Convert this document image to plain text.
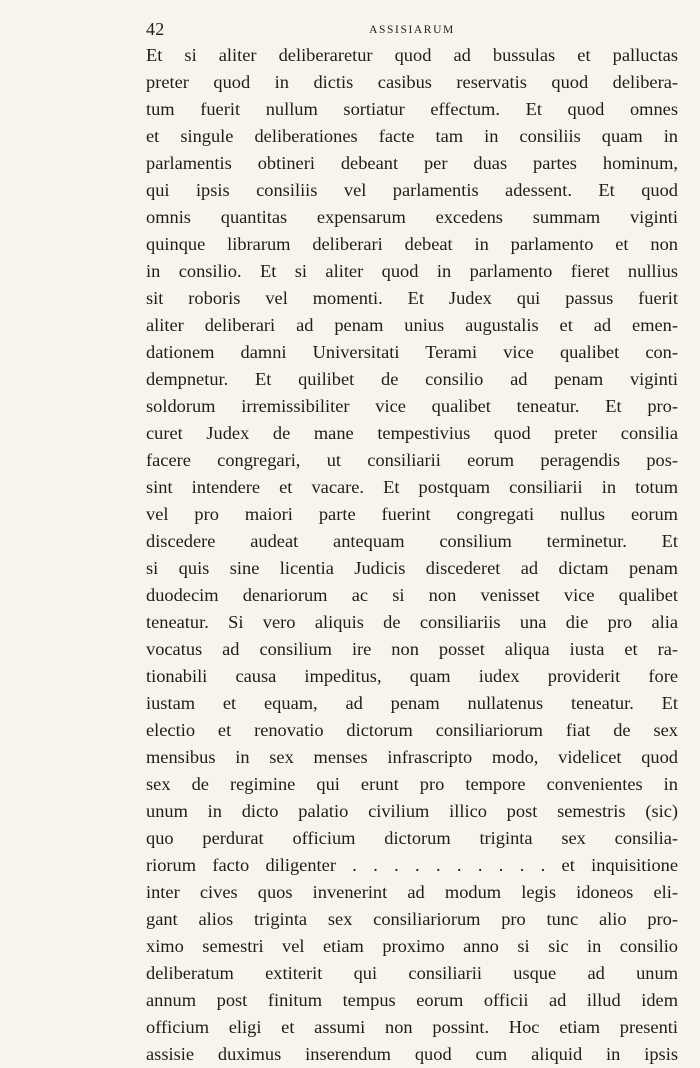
42	ASSISIARUM
Et si aliter deliberaretur quod ad bussulas et palluctas
preter quod in dictis casibus reservatis quod delibera-
tum fuerit nullum sortiatur effectum. Et quod omnes
et singule deliberationes facte tam in consiliis quam in
parlamentis obtineri debeant per duas partes hominum,
qui ipsis consiliis vel parlamentis adessent. Et quod
omnis quantitas expensarum excedens summam viginti
quinque librarum deliberari debeat in parlamento et non
in consilio. Et si aliter quod in parlamento fieret nullius
sit roboris vel momenti. Et Judex qui passus fuerit
aliter deliberari ad penam unius augustalis et ad emen-
dationem damni Universitati Terami vice qualibet con-
dempnetur. Et quilibet de consilio ad penam viginti
soldorum irremissibiliter vice qualibet teneatur. Et pro-
curet Judex de mane tempestivius quod preter consilia
facere congregari, ut consiliarii eorum peragendis pos-
sint intendere et vacare. Et postquam consiliarii in totum
vel pro maiori parte fuerint congregati nullus eorum
discedere audeat antequam consilium terminetur. Et
si quis sine licentia Judicis discederet ad dictam penam
duodecim denariorum ac si non venisset vice qualibet
teneatur. Si vero aliquis de consiliariis una die pro alia
vocatus ad consilium ire non posset aliqua iusta et ra-
tionabili causa impeditus, quam iudex providerit fore
iustam et equam, ad penam nullatenus teneatur. Et
electio et renovatio dictorum consiliariorum fiat de sex
mensibus in sex menses infrascripto modo, videlicet quod
sex de regimine qui erunt pro tempore convenientes in
unum in dicto palatio civilium illico post semestris (sic)
quo perdurat officium dictorum triginta sex consilia-
riorum facto diligenter . . . . . . . . . . et inquisitione
inter cives quos invenerint ad modum legis idoneos eli-
gant alios triginta sex consiliariorum pro tunc alio pro-
ximo semestri vel etiam proximo anno si sic in consilio
deliberatum extiterit qui consiliarii usque ad unum
annum post finitum tempus eorum officii ad illud idem
officium eligi et assumi non possint. Hoc etiam presenti
assisie duximus inserendum quod cum aliquid in ipsis
